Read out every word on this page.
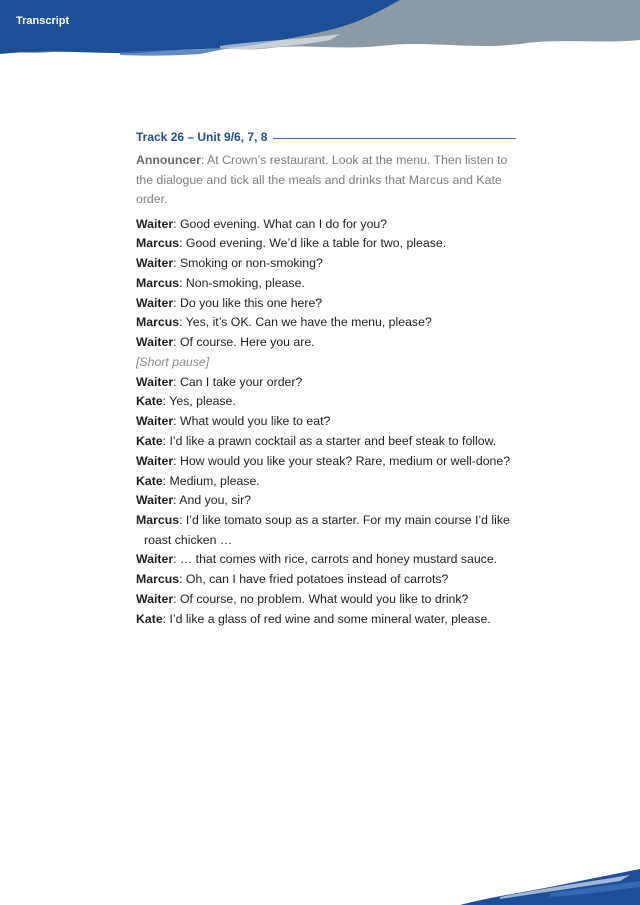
Transcript
Track 26 – Unit 9/6, 7, 8
Announcer: At Crown’s restaurant. Look at the menu. Then listen to the dialogue and tick all the meals and drinks that Marcus and Kate order.
Waiter: Good evening. What can I do for you?
Marcus: Good evening. We’d like a table for two, please.
Waiter: Smoking or non-smoking?
Marcus: Non-smoking, please.
Waiter: Do you like this one here?
Marcus: Yes, it’s OK. Can we have the menu, please?
Waiter: Of course. Here you are.
[Short pause]
Waiter: Can I take your order?
Kate: Yes, please.
Waiter: What would you like to eat?
Kate: I’d like a prawn cocktail as a starter and beef steak to follow.
Waiter: How would you like your steak? Rare, medium or well-done?
Kate: Medium, please.
Waiter: And you, sir?
Marcus: I’d like tomato soup as a starter. For my main course I’d like roast chicken …
Waiter: … that comes with rice, carrots and honey mustard sauce.
Marcus: Oh, can I have fried potatoes instead of carrots?
Waiter: Of course, no problem. What would you like to drink?
Kate: I’d like a glass of red wine and some mineral water, please.
